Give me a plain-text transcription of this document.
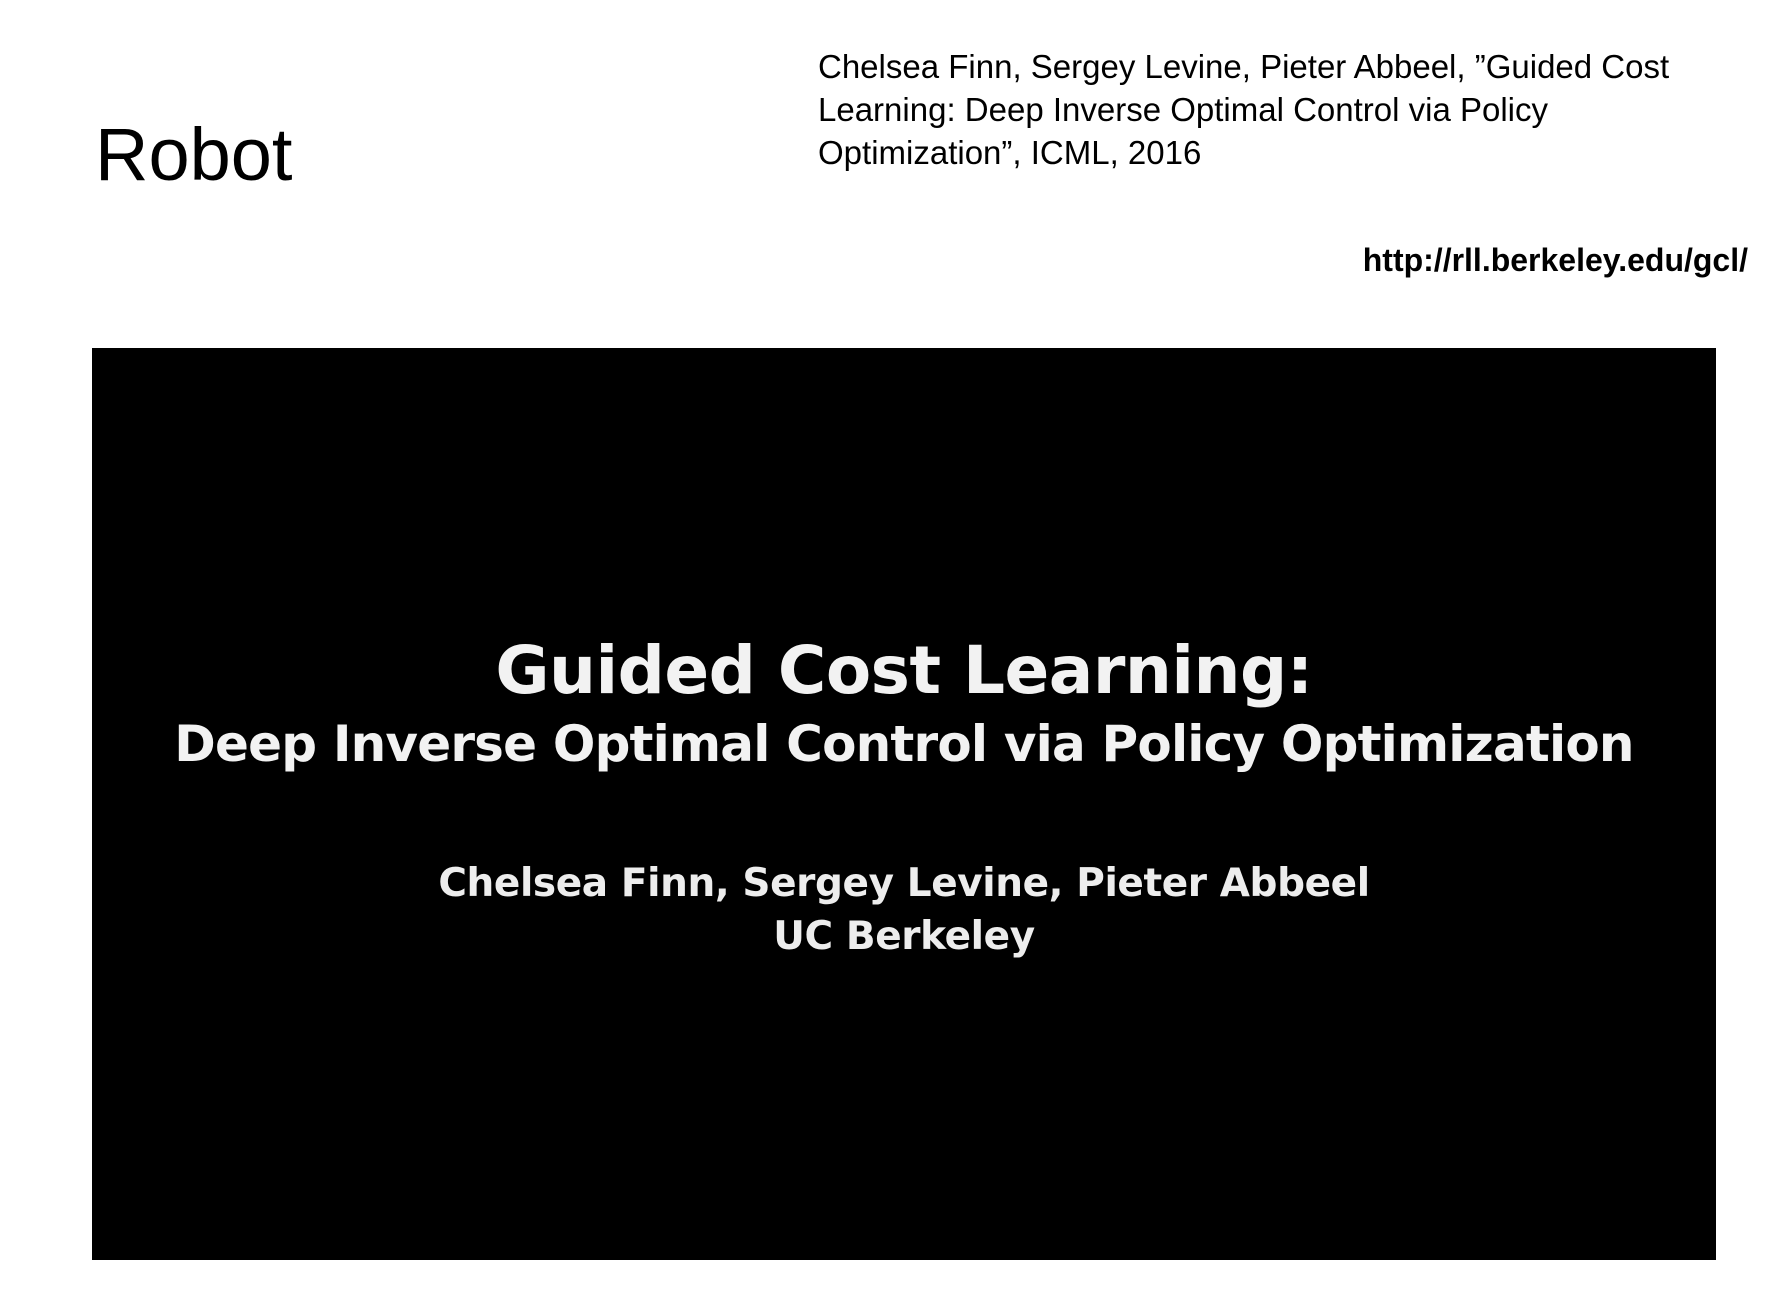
Robot
Chelsea Finn, Sergey Levine, Pieter Abbeel, ”Guided Cost Learning: Deep Inverse Optimal Control via Policy Optimization”, ICML, 2016
http://rll.berkeley.edu/gcl/
Guided Cost Learning:
Deep Inverse Optimal Control via Policy Optimization
Chelsea Finn, Sergey Levine, Pieter Abbeel
UC Berkeley
